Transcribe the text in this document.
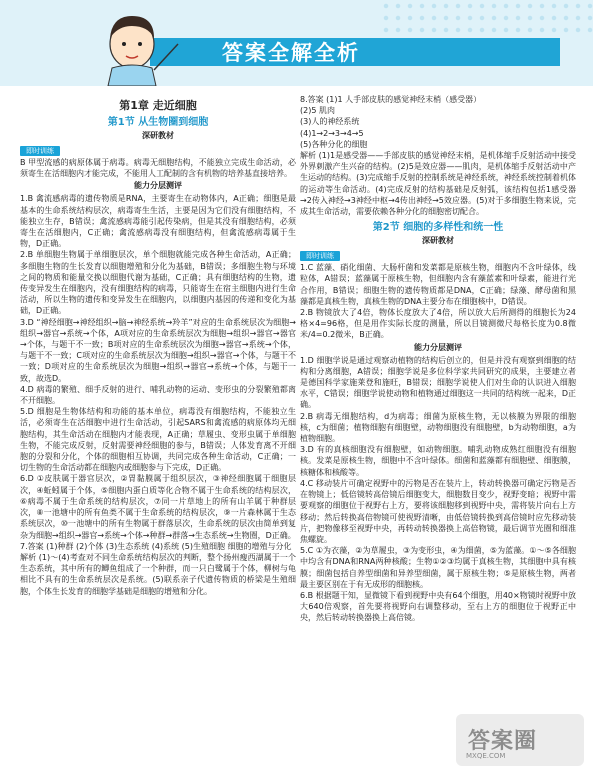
答案全解全析
第1章 走近细胞
第1节 从生物圈到细胞
深研教材
即时训练
B 甲型流感的病原体属于病毒。病毒无细胞结构，不能独立完成生命活动，必须寄生在活细胞内才能完成，不能用人工配制的含有机物的培养基直接培养。
能力分层测评
1.B 禽流感病毒的遗传物质是RNA，主要寄生在动物体内，A正确；细胞是最基本的生命系统结构层次，病毒寄生生活，主要是因为它们没有细胞结构，不能独立生存，B错误；禽流感病毒能引起传染病，但是其没有细胞结构，必须寄生在活细胞内，C正确；禽流感病毒没有细胞结构，但禽流感病毒属于生物，D正确。
2.B 单细胞生物属于单细胞层次，单个细胞就能完成各种生命活动，A正确；多细胞生物的生长发育以细胞增殖和分化为基础，B错误；多细胞生物与环境之间的物质和能量交换以细胞代谢为基础，C正确；具有细胞结构的生物，遗传变异发生在细胞内，没有细胞结构的病毒，只能寄生在宿主细胞内进行生命活动，所以生物的遗传和变异发生在细胞内，以细胞内基因的传递和变化为基础，D正确。
3.D “神经细胞→神经组织→脑→神经系统→羚羊”对应的生命系统层次为细胞→组织→器官→系统→个体，A项对应的生命系统层次为细胞→组织→器官→器官→个体，与题干不一致；B项对应的生命系统层次为细胞→器官→系统→个体，与题干不一致；C项对应的生命系统层次为细胞→组织→器官→个体，与题干不一致；D项对应的生命系统层次为细胞→组织→器官→系统→个体，与题干一致，故选D。
4.D 病毒的繁殖、细手反射的进行、哺乳动物的运动、变形虫的分裂繁殖都离不开细胞。
5.D 细胞是生物体结构和功能的基本单位，病毒没有细胞结构，不能独立生活，必须寄生在活细胞中进行生命活动，引起SARS和禽流感的病原体均无细胞结构，其生命活动在细胞内才能表现，A正确；草履虫、变形虫属于单细胞生物，不能完成反射，反射需要神经细胞的参与，B错误；人体发育离不开细胞的分裂和分化，个体的细胞相互协调，共同完成各种生命活动，C正确；一切生物的生命活动都在细胞内或细胞参与下完成，D正确。
6.D ①皮肤属于器官层次，②胃黏膜属于组织层次，③神经细胞属于细胞层次，④蚯蚓属于个体，⑤细胞内蛋白质等化合物不属于生命系统的结构层次，⑥病毒不属于生命系统的结构层次，⑦同一片草地上的所有山羊属于种群层次，⑧一池塘中的所有鱼类不属于生命系统的结构层次，⑨一片森林属于生态系统层次，⑩一池塘中的所有生物属于群落层次，生命系统的层次由简单到复杂为细胞→组织→器官→系统→个体→种群→群落→生态系统→生物圈，D正确。
7.答案 (1)种群 (2)个体 (3)生态系统 (4)系统 (5)生殖细胞 细胞的增殖与分化
解析 (1)～(4)考查对不同生命系统结构层次的判断，整个扬州瘦西湖属于一个生态系统，其中所有的鲫鱼组成了一个种群，而一只白鹭属于个体，柳树与龟相比不具有的生命系统层次是系统。(5)联系亲子代遗传物质的桥梁是生殖细胞，个体生长发育的细胞学基础是细胞的增殖和分化。
8.答案 (1)1 人手部皮肤的感觉神经末梢（感受器）
(2)5 肌肉
(3)人的神经系统
(4)1→2→3→4→5
(5)各种分化的细胞
解析 (1)1是感受器——手部皮肤的感觉神经末梢，是机体缩手反射活动中接受外界刺激产生兴奋的结构。(2)5是效应器——肌肉，是机体缩手反射活动中产生运动的结构。(3)完成缩手反射的控制系统是神经系统，神经系统控制着机体的运动等生命活动。(4)完成反射的结构基础是反射弧，该结构包括1感受器→2传入神经→3神经中枢→4传出神经→5效应器。(5)对于多细胞生物来说，完成其生命活动，需要依赖各种分化的细胞密切配合。
第2节 细胞的多样性和统一性
深研教材
即时训练
1.C 蓝藻、硝化细菌、大肠杆菌和发菜都是原核生物，细胞内不含叶绿体，线粒体，A错误；蓝藻属于原核生物，但细胞内含有藻蓝素和叶绿素，能进行光合作用，B错误；细胞生物的遗传物质都是DNA，C正确；绿藻、酵母菌和黑藻都是真核生物，真核生物的DNA主要分布在细胞核中，D错误。
2.B 物镜放大了4倍，物体长度放大了4倍，所以放大后所测得的细胞长为24格×4=96格，但是用作实际长度的测量，所以目镜测微尺每格长度为0.8微米/4=0.2微米，B正确。
能力分层测评
1.D 细胞学说是通过观察动植物的结构后创立的，但是并没有观察到细胞的结构和分离细胞，A错误；细胞学说是多位科学家共同研究的成果，主要建立者是德国科学家施莱登和施旺，B错误；细胞学说使人们对生命的认识进入细胞水平，C错误；细胞学说使动物和植物通过细胞这一共同的结构统一起来，D正确。
2.B 病毒无细胞结构，d为病毒；细菌为原核生物，无以核膜为界限的细胞核，c为细菌；植物细胞有细胞壁，动物细胞没有细胞壁，b为动物细胞，a为植物细胞。
3.D 有的真核细胞没有细胞壁，如动物细胞。哺乳动物成熟红细胞没有细胞核。发菜是原核生物，细胞中不含叶绿体。细菌和蓝藻都有细胞壁、细胞膜，核糖体和核酸等。
4.C 移动装片可确定视野中的污物是否在装片上，转动转换器可确定污物是否在物镜上；低倍镜转高倍镜后细胞变大，细胞数目变少，视野变暗；视野中需要观察的细胞位于视野右上方，要将该细胞移到视野中央，需将装片向右上方移动；然后转换高倍物镜可使视野清晰，由低倍镜转换到高倍镜时应先移动装片，把物像移至视野中央，再转动转换器换上高倍物镜，最后调节光圈和细准焦螺旋。
5.C ①为衣藻，②为草履虫，③为变形虫，④为细菌，⑤为蓝藻。①～⑤各细胞中均含有DNA和RNA两种核酸；生物①②③均属于真核生物，其细胞中具有核膜；细菌包括自养型细菌和异养型细菌，属于原核生物；⑤是原核生物，两者最主要区别在于有无成形的细胞核。
6.B 根据题干知，显微镜下看到视野中央有64个细胞，用40×物镜时视野中放大640倍观察，首先要将视野向右调整移动，至右上方的细胞位于视野正中央，然后转动转换器换上高倍镜。
答案圈
MXQE.COM
